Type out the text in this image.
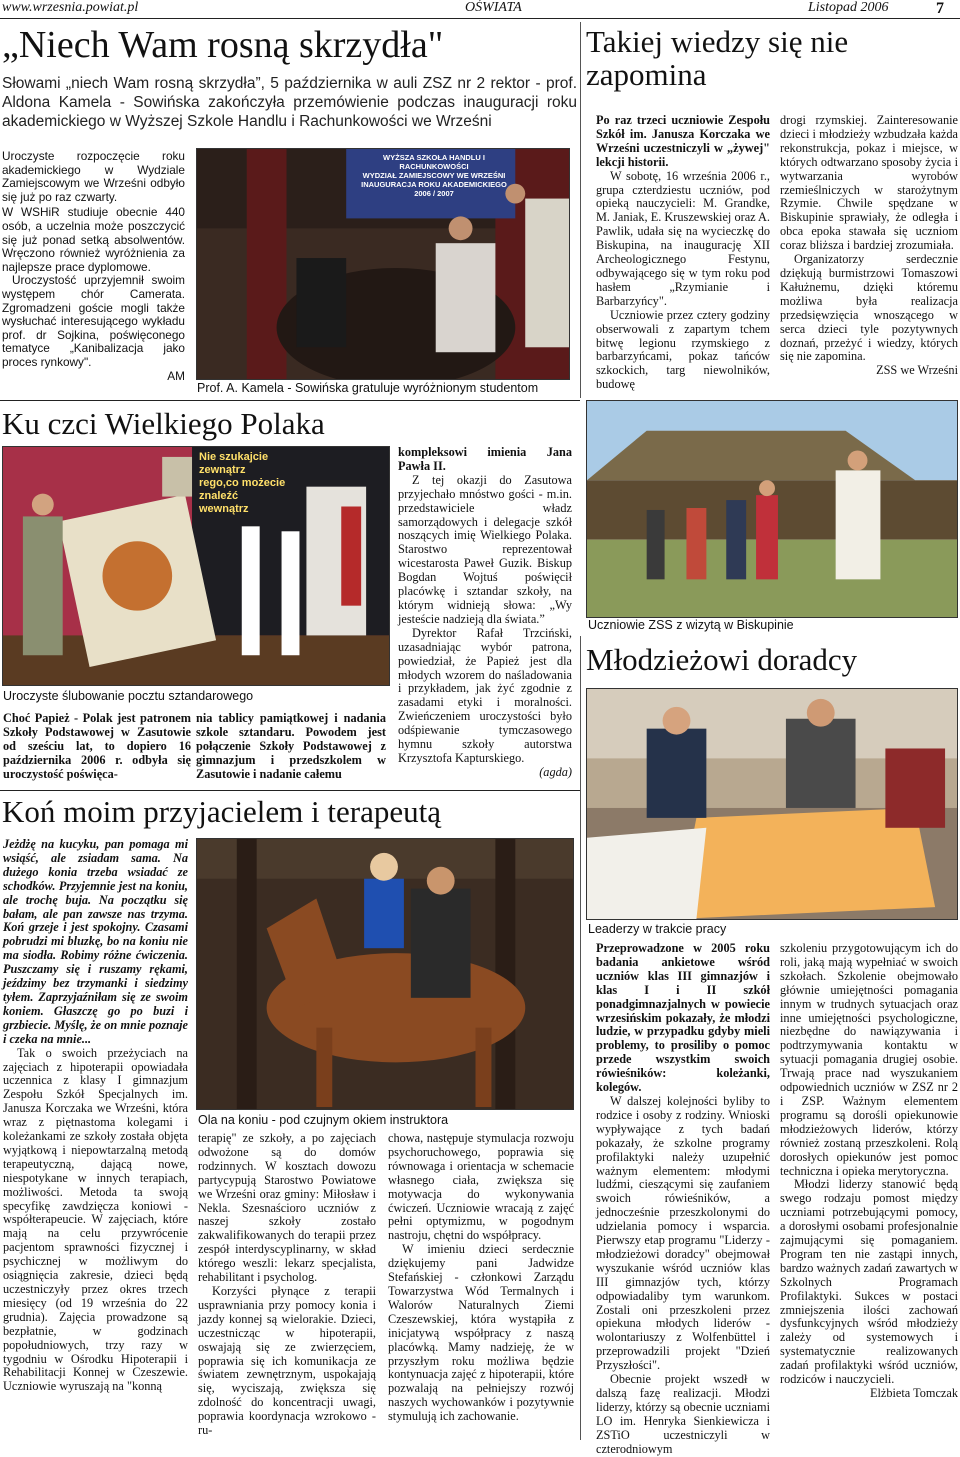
www.wrzesnia.powiat.pl	OŚWIATA	Listopad 2006	7
„Niech Wam rosną skrzydła"
Słowami „niech Wam rosną skrzydła”, 5 października w auli ZSZ nr 2 rektor - prof. Aldona Kamela - Sowińska zakończyła przemówienie podczas inauguracji roku akademickiego w Wyższej Szkole Handlu i Rachunkowości we Wrześni

Uroczyste rozpoczęcie roku akademickiego w Wydziale Zamiejscowym we Wrześni odbyło się już po raz czwarty.

W WSHiR studiuje obecnie 440 osób, a uczelnia może poszczycić się już ponad setką absolwentów. Wręczono również wyróżnienia za najlepsze prace dyplomowe.

Uroczystość uprzyjemnił swoim występem chór Camerata. Zgromadzeni goście mogli także wysłuchać interesującego wykładu prof. dr Sojkina, poświęconego tematyce „Kanibalizacja jako proces rynkowy".

AM

WYŻSZA SZKOŁA HANDLU I RACHUNKOWOŚCI
WYDZIAŁ ZAMIEJSCOWY WE WRZEŚNI
INAUGURACJA ROKU AKADEMICKIEGO
2006 / 2007
Prof. A. Kamela - Sowińska gratuluje wyróżnionym studentom
Takiej wiedzy się nie zapomina

Po raz trzeci uczniowie Zespołu Szkół im. Janusza Korczaka we Wrześni uczestniczyli w „żywej" lekcji historii.

W sobotę, 16 września 2006 r., grupa czterdziestu uczniów, pod opieką nauczycieli: M. Grandke, M. Janiak, E. Kruszewskiej oraz A. Pawlik, udała się na wycieczkę do Biskupina, na inaugurację XII Archeologicznego Festynu, odbywającego się w tym roku pod hasłem „Rzymianie i Barbarzyńcy".

Uczniowie przez cztery godziny obserwowali z zapartym tchem bitwę legionu rzymskiego z barbarzyńcami, pokaz tańców szkockich, targ niewolników, budowę

drogi rzymskiej. Zainteresowanie dzieci i młodzieży wzbudzała każda rekonstrukcja, pokaz i miejsce, w których odtwarzano sposoby życia i wytwarzania wyrobów rzemieślniczych w starożytnym Rzymie. Chwile spędzane w Biskupinie sprawiały, że odległa i obca epoka stawała się uczniom coraz bliższa i bardziej zrozumiała.

Organizatorzy serdecznie dziękują burmistrzowi Tomaszowi Kałużnemu, dzięki któremu możliwa była realizacja przedsięwzięcia wnoszącego w serca dzieci tyle pozytywnych doznań, przeżyć i wiedzy, których się nie zapomina.

ZSS we Wrześni

Uczniowie ZSS z wizytą w Biskupinie
Ku czci Wielkiego Polaka
Nie szukajcie
zewnątrz
rego,co możecie
znaleźć
wewnątrz
Uroczyste ślubowanie pocztu sztandarowego
Choć Papież - Polak jest patronem Szkoły Podstawowej w Zasutowie od sześciu lat, to dopiero 16 października 2006 r. odbyła się uroczystość poświęca-
nia tablicy pamiątkowej i nadania szkole sztandaru. Powodem jest połączenie Szkoły Podstawowej z gimnazjum i przedszkolem w Zasutowie i nadanie całemu

kompleksowi imienia Jana Pawła II.

Z tej okazji do Zasutowa przyjechało mnóstwo gości - m.in. przedstawiciele władz samorządowych i delegacje szkół noszących imię Wielkiego Polaka. Starostwo reprezentował wicestarosta Paweł Guzik. Biskup Bogdan Wojtuś poświęcił placówkę i sztandar szkoły, na którym widnieją słowa: „Wy jesteście nadzieją dla świata.”

Dyrektor Rafał Trzciński, uzasadniając wybór patrona, powiedział, że Papież jest dla młodych wzorem do naśladowania i przykładem, jak żyć zgodnie z zasadami etyki i moralności. Zwieńczeniem uroczystości było odśpiewanie tymczasowego hymnu szkoły autorstwa Krzysztofa Kapturskiego.

(agda)

Koń moim przyjacielem i terapeutą

Jeżdżę na kucyku, pan pomaga mi wsiąść, ale zsiadam sama. Na dużego konia trzeba wsiadać ze schodków. Przyjemnie jest na koniu, ale trochę buja. Na początku się bałam, ale pan zawsze nas trzyma. Koń grzeje i jest spokojny. Czasami pobrudzi mi bluzkę, bo na koniu nie ma siodła. Robimy różne ćwiczenia. Puszczamy się i ruszamy rękami, jeździmy bez trzymanki i siedzimy tyłem. Zaprzyjaźniłam się ze swoim koniem. Głaszczę go po buzi i grzbiecie. Myślę, że on mnie poznaje i czeka na mnie...

Tak o swoich przeżyciach na zajęciach z hipoterapii opowiadała uczennica z klasy I gimnazjum Zespołu Szkół Specjalnych im. Janusza Korczaka we Wrześni, która wraz z piętnastoma kolegami i koleżankami ze szkoły została objęta wyjątkową i niepowtarzalną metodą terapeutyczną, dającą nowe, niespotykane w innych terapiach, możliwości. Metoda ta swoją specyfikę zawdzięcza koniowi - współterapeucie. W zajęciach, które mają na celu przywrócenie pacjentom sprawności fizycznej i psychicznej w możliwym do osiągnięcia zakresie, dzieci będą uczestniczyły przez okres trzech miesięcy (od 19 września do 22 grudnia). Zajęcia prowadzone są bezpłatnie, w godzinach popołudniowych, trzy razy w tygodniu w Ośrodku Hipoterapii i Rehabilitacji Konnej w Czeszewie. Uczniowie wyruszają na "konną

Ola na koniu - pod czujnym okiem instruktora

terapię" ze szkoły, a po zajęciach odwożone są do domów rodzinnych. W kosztach dowozu partycypują Starostwo Powiatowe we Wrześni oraz gminy: Miłosław i Nekla. Szesnaściorо uczniów z naszej szkoły zostało zakwalifikowanych do terapii przez zespół interdyscyplinarny, w skład którego weszli: lekarz specjalista, rehabilitant i psycholog.

Korzyści płynące z terapii usprawniania przy pomocy konia i jazdy konnej są wielorakie. Dzieci, uczestnicząc w hipoterapii, oswajają się ze zwierzęciem, poprawia się ich komunikacja ze światem zewnętrznym, uspokajają się, wyciszają, zwiększa się zdolność do koncentracji uwagi, poprawia koordynacja wzrokowo - ru-

chowa, następuje stymulacja rozwoju psychoruchowego, poprawia się równowaga i orientacja w schemacie własnego ciała, zwiększa się motywacja do wykonywania ćwiczeń. Uczniowie wracają z zajęć pełni optymizmu, w pogodnym nastroju, chętni do współpracy.

W imieniu dzieci serdecznie dziękujemy pani Jadwidze Stefańskiej - członkowi Zarządu Towarzystwa Wód Termalnych i Walorów Naturalnych Ziemi Czeszewskiej, która wystąpiła z inicjatywą współpracy z naszą placówką. Mamy nadzieję, że w przyszłym roku możliwa będzie kontynuacja zajęć z hipoterapii, które pozwalają na pełniejszy rozwój naszych wychowanków i pozytywnie stymulują ich zachowanie.

Młodzieżowi doradcy
Leaderzy w trakcie pracy

Przeprowadzone w 2005 roku badania ankietowe wśród uczniów klas III gimnazjów i klas I i II szkół ponadgimnazjalnych w powiecie wrzesińskim pokazały, że młodzi ludzie, w przypadku gdyby mieli problemy, to prosiliby o pomoc przede wszystkim swoich rówieśników: koleżanki, kolegów.

W dalszej kolejności byliby to rodzice i osoby z rodziny. Wnioski wypływające z tych badań pokazały, że szkolne programy profilaktyki należy uzupełnić ważnym elementem: młodymi ludźmi, cieszącymi się zaufaniem swoich rówieśników, a jednocześnie przeszkolonymi do udzielania pomocy i wsparcia. Pierwszy etap programu "Liderzy - młodzieżowi doradcy" obejmował wyszukanie wśród uczniów klas III gimnazjów tych, którzy odpowiadaliby tym warunkom. Zostali oni przeszkoleni przez opiekuna młodych liderów - wolontariuszy z Wolfenbüttel i przeprowadzili projekt "Dzień Przyszłości".

Obecnie projekt wszedł w dalszą fazę realizacji. Młodzi liderzy, którzy są obecnie uczniami LO im. Henryka Sienkiewicza i ZSTiO uczestniczyli w czterodniowym

szkoleniu przygotowującym ich do roli, jaką mają wypełniać w swoich szkołach. Szkolenie obejmowało głównie umiejętności pomagania innym w trudnych sytuacjach oraz inne umiejętności psychologiczne, niezbędne do nawiązywania i podtrzymywania kontaktu w sytuacji pomagania drugiej osobie. Trwają prace nad wyszukaniem odpowiednich uczniów w ZSZ nr 2 i ZSP. Ważnym elementem programu są dorośli opiekunowie młodzieżowych liderów, którzy również zostaną przeszkoleni. Rolą dorosłych opiekunów jest pomoc techniczna i opieka merytoryczna.

Młodzi liderzy stanowić będą swego rodzaju pomost między uczniami potrzebującymi pomocy, a dorosłymi osobami profesjonalnie zajmującymi się pomaganiem. Program ten nie zastąpi innych, bardzo ważnych zadań zawartych w Szkolnych Programach Profilaktyki. Sukces w postaci zmniejszenia ilości zachowań dysfunkcyjnych wśród młodzieży zależy od systemowych i systematycznie realizowanych zadań profilaktyki wśród uczniów, rodziców i nauczycieli.

Elżbieta Tomczak
